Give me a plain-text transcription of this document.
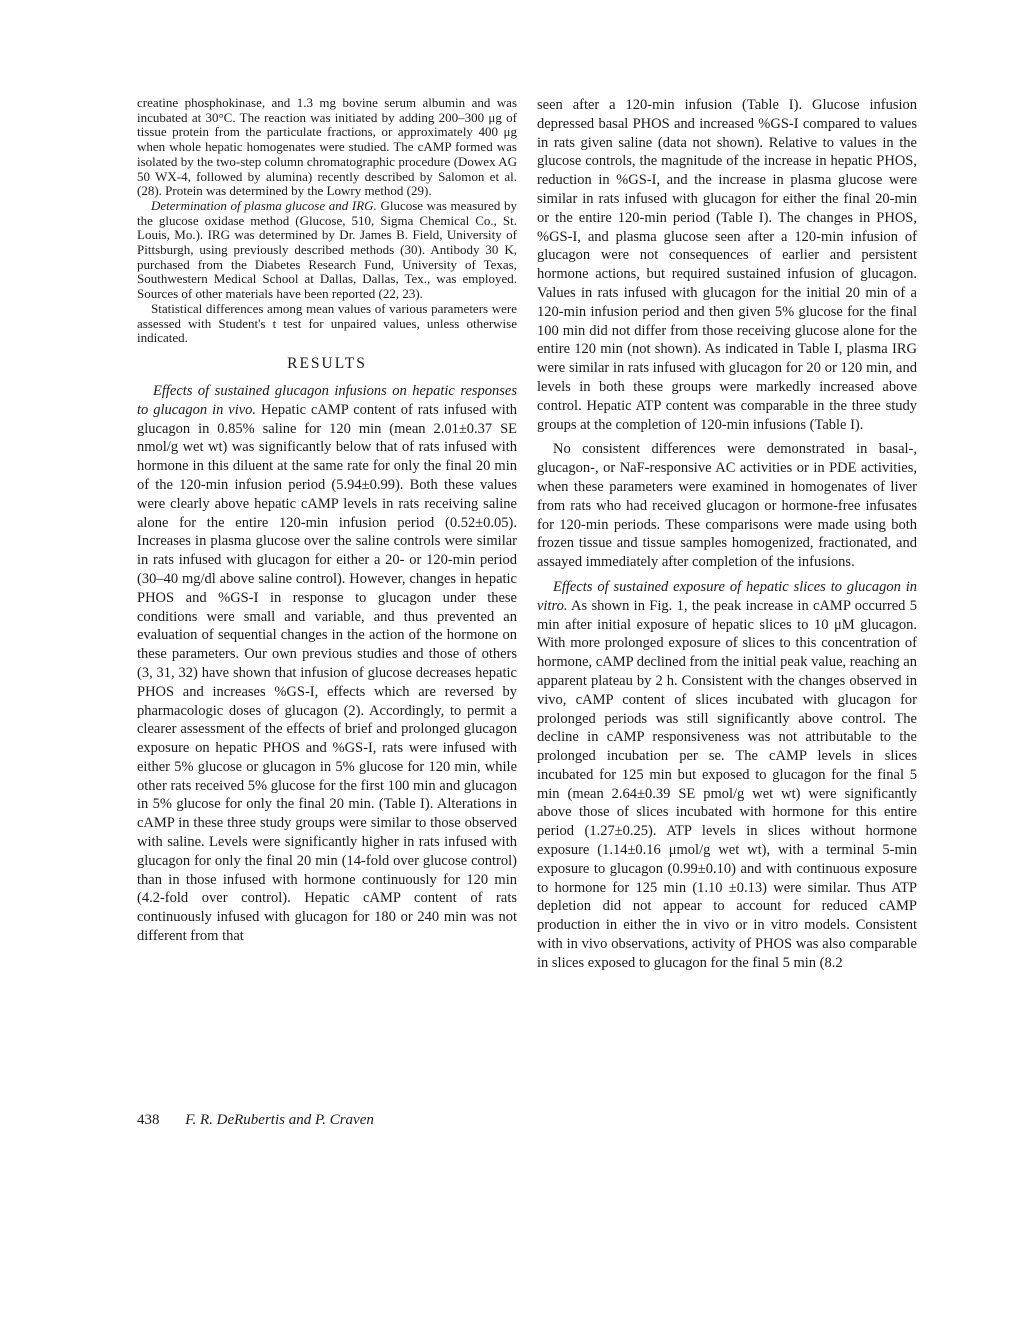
creatine phosphokinase, and 1.3 mg bovine serum albumin and was incubated at 30°C. The reaction was initiated by adding 200–300 μg of tissue protein from the particulate fractions, or approximately 400 μg when whole hepatic homogenates were studied. The cAMP formed was isolated by the two-step column chromatographic procedure (Dowex AG 50 WX-4, followed by alumina) recently described by Salomon et al. (28). Protein was determined by the Lowry method (29).

Determination of plasma glucose and IRG. Glucose was measured by the glucose oxidase method (Glucose, 510, Sigma Chemical Co., St. Louis, Mo.). IRG was determined by Dr. James B. Field, University of Pittsburgh, using previously described methods (30). Antibody 30 K, purchased from the Diabetes Research Fund, University of Texas, Southwestern Medical School at Dallas, Dallas, Tex., was employed. Sources of other materials have been reported (22, 23).

Statistical differences among mean values of various parameters were assessed with Student's t test for unpaired values, unless otherwise indicated.

RESULTS

Effects of sustained glucagon infusions on hepatic responses to glucagon in vivo. Hepatic cAMP content of rats infused with glucagon in 0.85% saline for 120 min (mean 2.01±0.37 SE nmol/g wet wt) was significantly below that of rats infused with hormone in this diluent at the same rate for only the final 20 min of the 120-min infusion period (5.94±0.99). Both these values were clearly above hepatic cAMP levels in rats receiving saline alone for the entire 120-min infusion period (0.52±0.05). Increases in plasma glucose over the saline controls were similar in rats infused with glucagon for either a 20- or 120-min period (30–40 mg/dl above saline control). However, changes in hepatic PHOS and %GS-I in response to glucagon under these conditions were small and variable, and thus prevented an evaluation of sequential changes in the action of the hormone on these parameters. Our own previous studies and those of others (3, 31, 32) have shown that infusion of glucose decreases hepatic PHOS and increases %GS-I, effects which are reversed by pharmacologic doses of glucagon (2). Accordingly, to permit a clearer assessment of the effects of brief and prolonged glucagon exposure on hepatic PHOS and %GS-I, rats were infused with either 5% glucose or glucagon in 5% glucose for 120 min, while other rats received 5% glucose for the first 100 min and glucagon in 5% glucose for only the final 20 min. (Table I). Alterations in cAMP in these three study groups were similar to those observed with saline. Levels were significantly higher in rats infused with glucagon for only the final 20 min (14-fold over glucose control) than in those infused with hormone continuously for 120 min (4.2-fold over control). Hepatic cAMP content of rats continuously infused with glucagon for 180 or 240 min was not different from that

seen after a 120-min infusion (Table I). Glucose infusion depressed basal PHOS and increased %GS-I compared to values in rats given saline (data not shown). Relative to values in the glucose controls, the magnitude of the increase in hepatic PHOS, reduction in %GS-I, and the increase in plasma glucose were similar in rats infused with glucagon for either the final 20-min or the entire 120-min period (Table I). The changes in PHOS, %GS-I, and plasma glucose seen after a 120-min infusion of glucagon were not consequences of earlier and persistent hormone actions, but required sustained infusion of glucagon. Values in rats infused with glucagon for the initial 20 min of a 120-min infusion period and then given 5% glucose for the final 100 min did not differ from those receiving glucose alone for the entire 120 min (not shown). As indicated in Table I, plasma IRG were similar in rats infused with glucagon for 20 or 120 min, and levels in both these groups were markedly increased above control. Hepatic ATP content was comparable in the three study groups at the completion of 120-min infusions (Table I).

No consistent differences were demonstrated in basal-, glucagon-, or NaF-responsive AC activities or in PDE activities, when these parameters were examined in homogenates of liver from rats who had received glucagon or hormone-free infusates for 120-min periods. These comparisons were made using both frozen tissue and tissue samples homogenized, fractionated, and assayed immediately after completion of the infusions.

Effects of sustained exposure of hepatic slices to glucagon in vitro. As shown in Fig. 1, the peak increase in cAMP occurred 5 min after initial exposure of hepatic slices to 10 μM glucagon. With more prolonged exposure of slices to this concentration of hormone, cAMP declined from the initial peak value, reaching an apparent plateau by 2 h. Consistent with the changes observed in vivo, cAMP content of slices incubated with glucagon for prolonged periods was still significantly above control. The decline in cAMP responsiveness was not attributable to the prolonged incubation per se. The cAMP levels in slices incubated for 125 min but exposed to glucagon for the final 5 min (mean 2.64±0.39 SE pmol/g wet wt) were significantly above those of slices incubated with hormone for this entire period (1.27±0.25). ATP levels in slices without hormone exposure (1.14±0.16 μmol/g wet wt), with a terminal 5-min exposure to glucagon (0.99±0.10) and with continuous exposure to hormone for 125 min (1.10 ±0.13) were similar. Thus ATP depletion did not appear to account for reduced cAMP production in either the in vivo or in vitro models. Consistent with in vivo observations, activity of PHOS was also comparable in slices exposed to glucagon for the final 5 min (8.2

438 F. R. DeRubertis and P. Craven
